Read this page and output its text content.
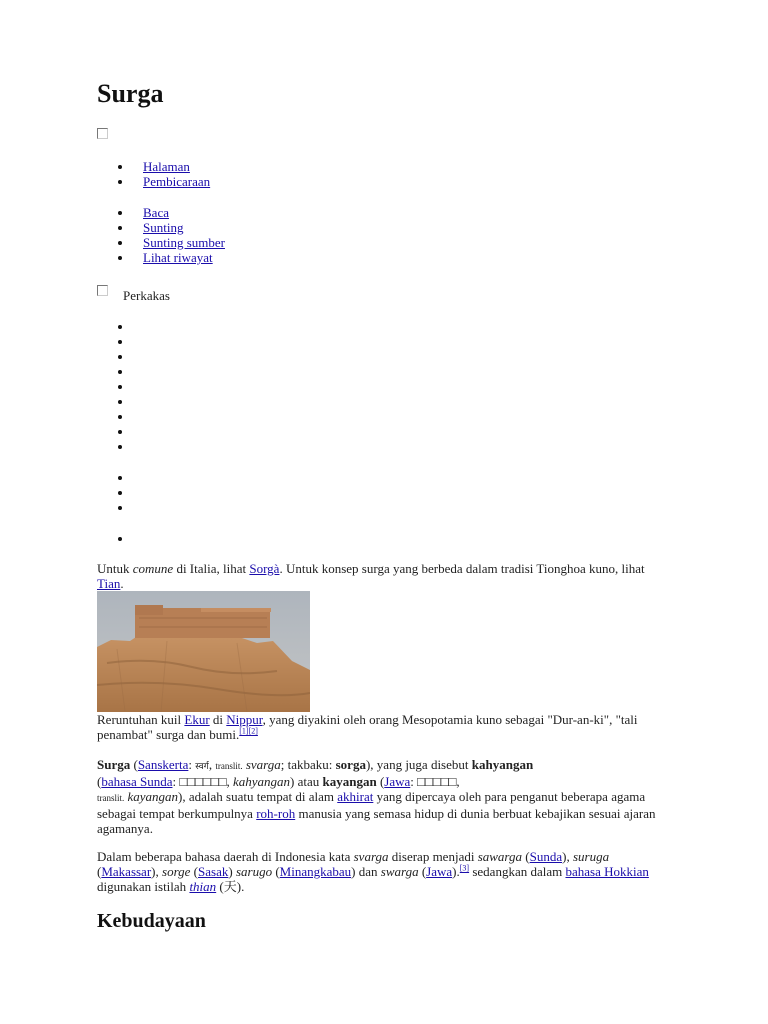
Surga
Halaman
Pembicaraan
Baca
Sunting
Sunting sumber
Lihat riwayat
Perkakas

Untuk comune di Italia, lihat Sorgà. Untuk konsep surga yang berbeda dalam tradisi Tionghoa kuno, lihat Tian.

Reruntuhan kuil Ekur di Nippur, yang diyakini oleh orang Mesopotamia kuno sebagai "Dur-an-ki", "tali penambat" surga dan bumi.[1][2]

Surga (Sanskerta: स्वर्ग, translit. svarga; takbaku: sorga), yang juga disebut kahyangan
(bahasa Sunda: □□□□□□, kahyangan) atau kayangan (Jawa: □□□□□,
translit. kayangan), adalah suatu tempat di alam akhirat yang dipercaya oleh para penganut beberapa agama sebagai tempat berkumpulnya roh-roh manusia yang semasa hidup di dunia berbuat kebajikan sesuai ajaran agamanya.

Dalam beberapa bahasa daerah di Indonesia kata svarga diserap menjadi sawarga (Sunda), suruga (Makassar), sorge (Sasak) sarugo (Minangkabau) dan swarga (Jawa).[3] sedangkan dalam bahasa Hokkian digunakan istilah thian (天).

Kebudayaan
